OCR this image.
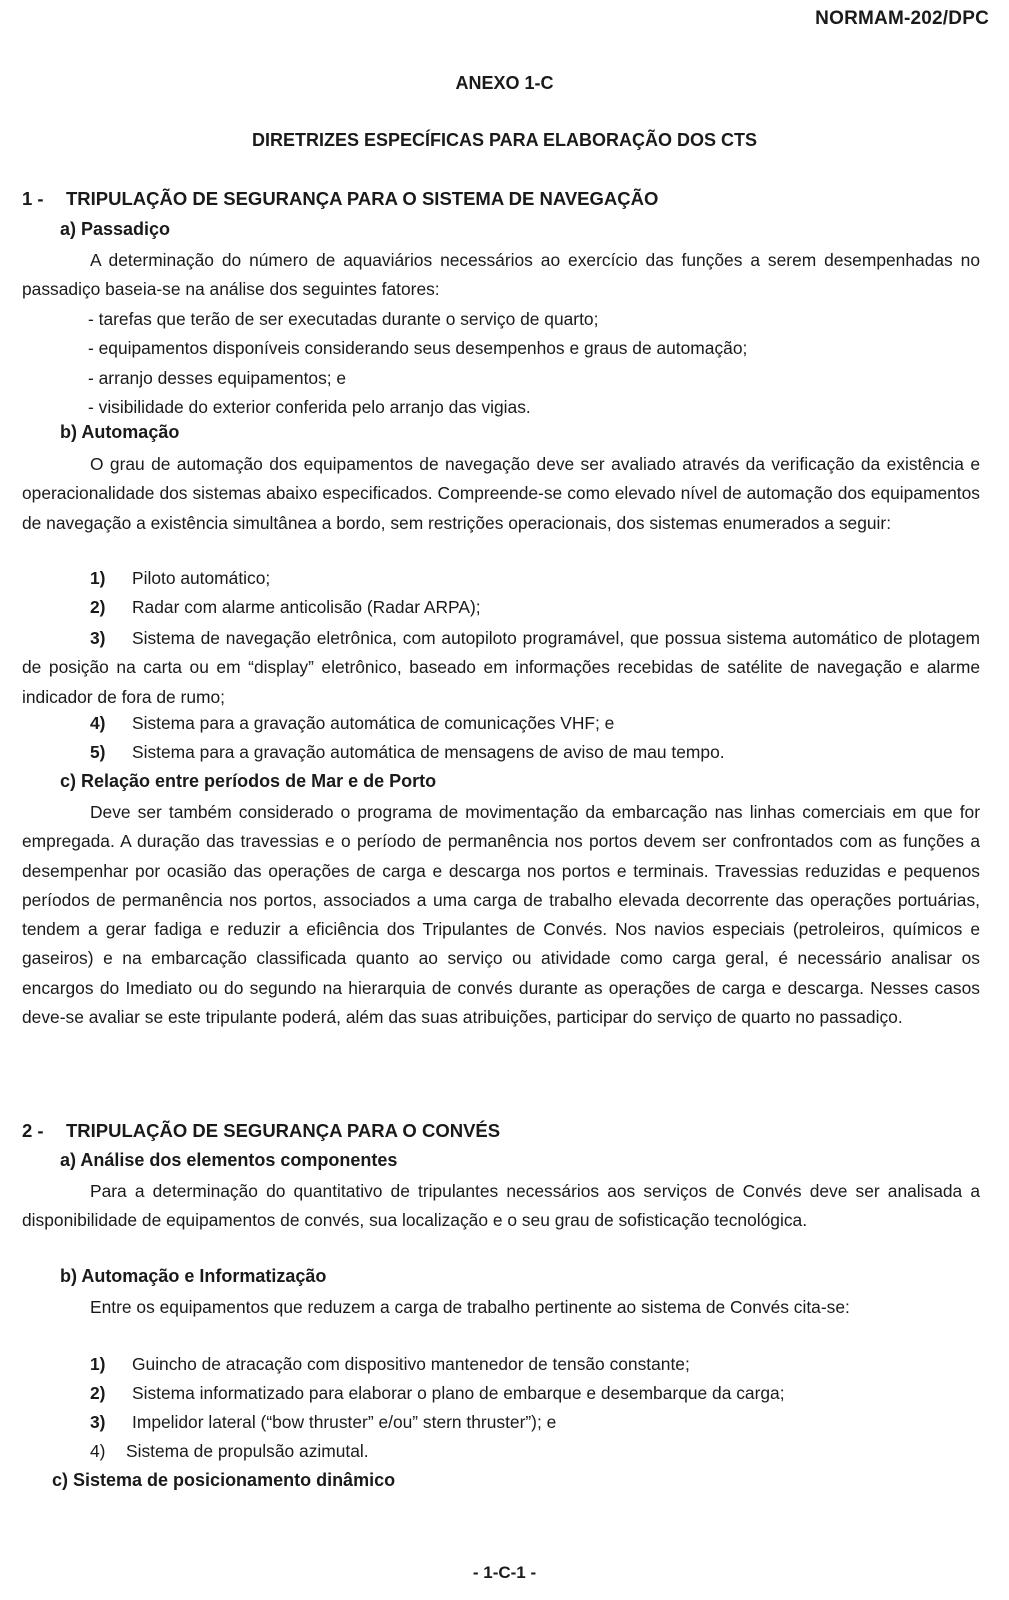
NORMAM-202/DPC
ANEXO 1-C
DIRETRIZES ESPECÍFICAS PARA ELABORAÇÃO DOS CTS
1 - TRIPULAÇÃO DE SEGURANÇA PARA O SISTEMA DE NAVEGAÇÃO
a) Passadiço
A determinação do número de aquaviários necessários ao exercício das funções a serem desempenhadas no passadiço baseia-se na análise dos seguintes fatores:
- tarefas que terão de ser executadas durante o serviço de quarto;
- equipamentos disponíveis considerando seus desempenhos e graus de automação;
- arranjo desses equipamentos; e
- visibilidade do exterior conferida pelo arranjo das vigias.
b) Automação
O grau de automação dos equipamentos de navegação deve ser avaliado através da verificação da existência e operacionalidade dos sistemas abaixo especificados. Compreende-se como elevado nível de automação dos equipamentos de navegação a existência simultânea a bordo, sem restrições operacionais, dos sistemas enumerados a seguir:
1) Piloto automático;
2) Radar com alarme anticolisão (Radar ARPA);
3) Sistema de navegação eletrônica, com autopiloto programável, que possua sistema automático de plotagem de posição na carta ou em “display” eletrônico, baseado em informações recebidas de satélite de navegação e alarme indicador de fora de rumo;
4) Sistema para a gravação automática de comunicações VHF; e
5) Sistema para a gravação automática de mensagens de aviso de mau tempo.
c) Relação entre períodos de Mar e de Porto
Deve ser também considerado o programa de movimentação da embarcação nas linhas comerciais em que for empregada. A duração das travessias e o período de permanência nos portos devem ser confrontados com as funções a desempenhar por ocasião das operações de carga e descarga nos portos e terminais. Travessias reduzidas e pequenos períodos de permanência nos portos, associados a uma carga de trabalho elevada decorrente das operações portuárias, tendem a gerar fadiga e reduzir a eficiência dos Tripulantes de Convés. Nos navios especiais (petroleiros, químicos e gaseiros) e na embarcação classificada quanto ao serviço ou atividade como carga geral, é necessário analisar os encargos do Imediato ou do segundo na hierarquia de convés durante as operações de carga e descarga. Nesses casos deve-se avaliar se este tripulante poderá, além das suas atribuições, participar do serviço de quarto no passadiço.
2 - TRIPULAÇÃO DE SEGURANÇA PARA O CONVÉS
a) Análise dos elementos componentes
Para a determinação do quantitativo de tripulantes necessários aos serviços de Convés deve ser analisada a disponibilidade de equipamentos de convés, sua localização e o seu grau de sofisticação tecnológica.
b) Automação e Informatização
Entre os equipamentos que reduzem a carga de trabalho pertinente ao sistema de Convés cita-se:
1) Guincho de atracação com dispositivo mantenedor de tensão constante;
2) Sistema informatizado para elaborar o plano de embarque e desembarque da carga;
3) Impelidor lateral (“bow thruster” e/ou” stern thruster”); e
4) Sistema de propulsão azimutal.
c) Sistema de posicionamento dinâmico
- 1-C-1 -
